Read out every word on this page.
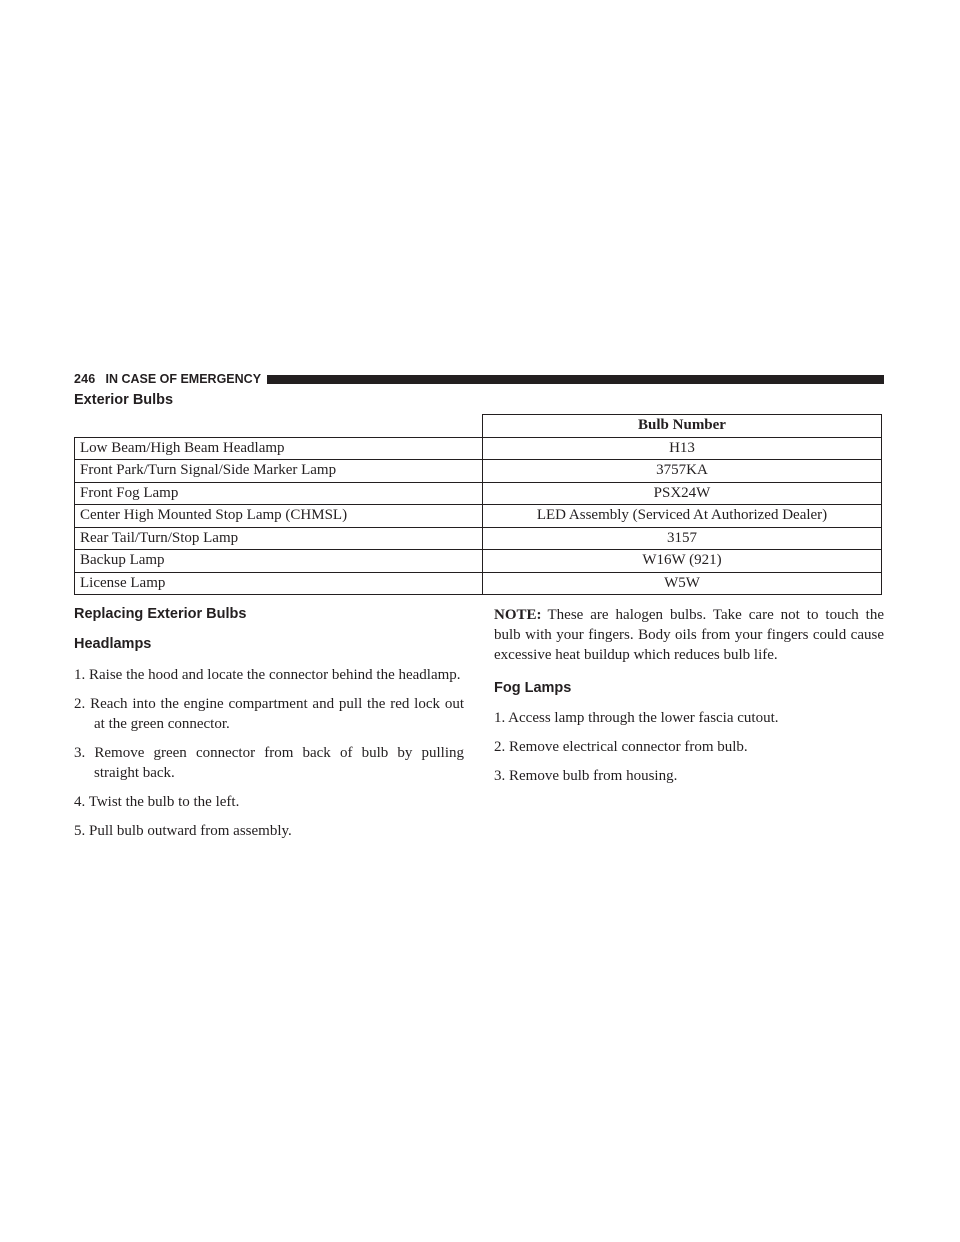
246 IN CASE OF EMERGENCY
Exterior Bulbs
	Bulb Number
Low Beam/High Beam Headlamp	H13
Front Park/Turn Signal/Side Marker Lamp	3757KA
Front Fog Lamp	PSX24W
Center High Mounted Stop Lamp (CHMSL)	LED Assembly (Serviced At Authorized Dealer)
Rear Tail/Turn/Stop Lamp	3157
Backup Lamp	W16W (921)
License Lamp	W5W
Replacing Exterior Bulbs
Headlamps

1. Raise the hood and locate the connector behind the headlamp.

2. Reach into the engine compartment and pull the red lock out at the green connector.

3. Remove green connector from back of bulb by pulling straight back.

4. Twist the bulb to the left.

5. Pull bulb outward from assembly.

NOTE: These are halogen bulbs. Take care not to touch the bulb with your fingers. Body oils from your fingers could cause excessive heat buildup which reduces bulb life.

Fog Lamps

1. Access lamp through the lower fascia cutout.

2. Remove electrical connector from bulb.

3. Remove bulb from housing.
